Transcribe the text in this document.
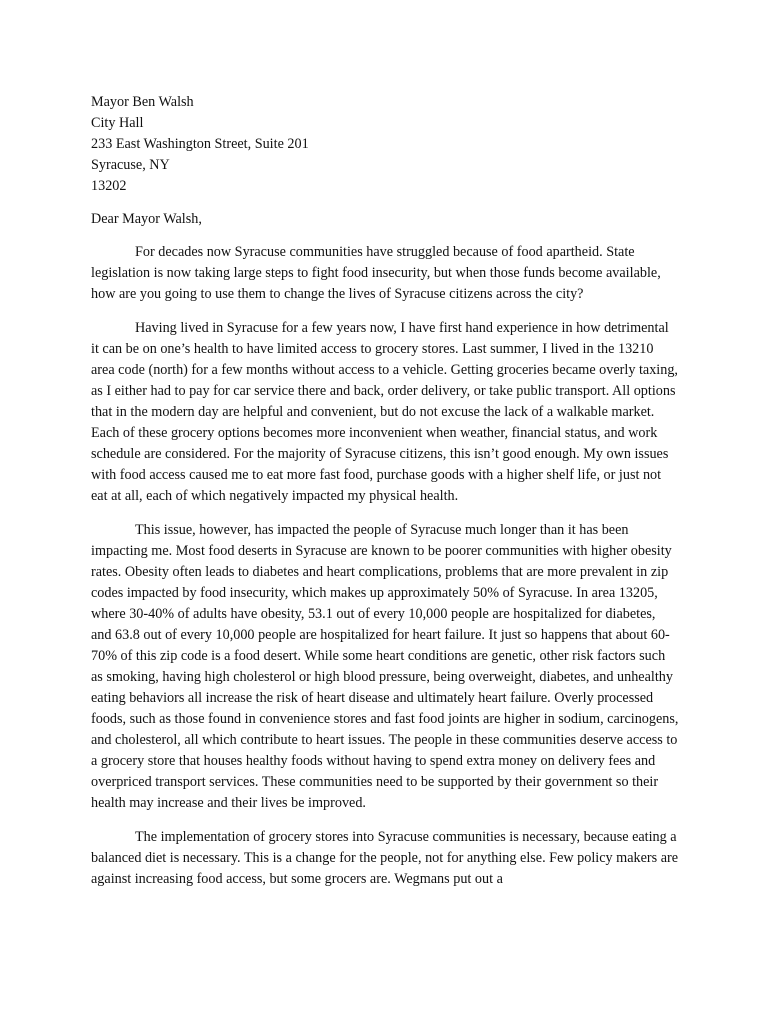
Mayor Ben Walsh
City Hall
233 East Washington Street, Suite 201
Syracuse, NY
13202
Dear Mayor Walsh,

For decades now Syracuse communities have struggled because of food apartheid. State legislation is now taking large steps to fight food insecurity, but when those funds become available, how are you going to use them to change the lives of Syracuse citizens across the city?

Having lived in Syracuse for a few years now, I have first hand experience in how detrimental it can be on one’s health to have limited access to grocery stores. Last summer, I lived in the 13210 area code (north) for a few months without access to a vehicle. Getting groceries became overly taxing, as I either had to pay for car service there and back, order delivery, or take public transport. All options that in the modern day are helpful and convenient, but do not excuse the lack of a walkable market. Each of these grocery options becomes more inconvenient when weather, financial status, and work schedule are considered. For the majority of Syracuse citizens, this isn’t good enough. My own issues with food access caused me to eat more fast food, purchase goods with a higher shelf life, or just not eat at all, each of which negatively impacted my physical health.

This issue, however, has impacted the people of Syracuse much longer than it has been impacting me. Most food deserts in Syracuse are known to be poorer communities with higher obesity rates. Obesity often leads to diabetes and heart complications, problems that are more prevalent in zip codes impacted by food insecurity, which makes up approximately 50% of Syracuse. In area 13205, where 30-40% of adults have obesity, 53.1 out of every 10,000 people are hospitalized for diabetes, and 63.8 out of every 10,000 people are hospitalized for heart failure. It just so happens that about 60-70% of this zip code is a food desert. While some heart conditions are genetic, other risk factors such as smoking, having high cholesterol or high blood pressure, being overweight, diabetes, and unhealthy eating behaviors all increase the risk of heart disease and ultimately heart failure. Overly processed foods, such as those found in convenience stores and fast food joints are higher in sodium, carcinogens, and cholesterol, all which contribute to heart issues. The people in these communities deserve access to a grocery store that houses healthy foods without having to spend extra money on delivery fees and overpriced transport services. These communities need to be supported by their government so their health may increase and their lives be improved.

The implementation of grocery stores into Syracuse communities is necessary, because eating a balanced diet is necessary. This is a change for the people, not for anything else. Few policy makers are against increasing food access, but some grocers are. Wegmans put out a
